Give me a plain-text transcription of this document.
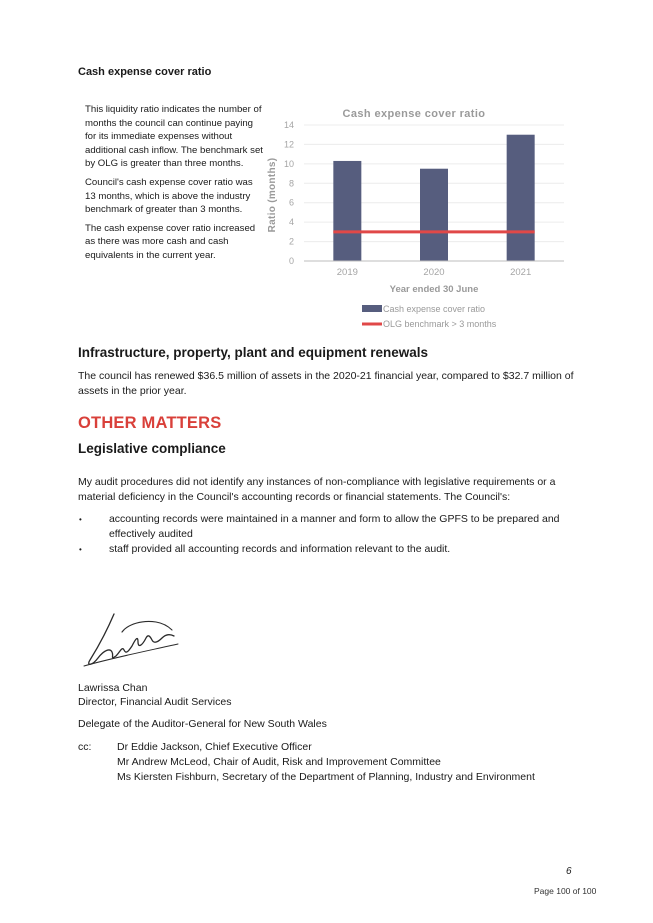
Cash expense cover ratio

This liquidity ratio indicates the number of months the council can continue paying for its immediate expenses without additional cash inflow. The benchmark set by OLG is greater than three months.

Council's cash expense cover ratio was 13 months, which is above the industry benchmark of greater than 3 months.

The cash expense cover ratio increased as there was more cash and cash equivalents in the current year.

Cash expense cover ratio
Ratio (months)
0
2
4
6
8
10
12
14
2019	2020	2021
Year ended 30 June
Cash expense cover ratio
OLG benchmark > 3 months
Infrastructure, property, plant and equipment renewals
The council has renewed $36.5 million of assets in the 2020-21 financial year, compared to $32.7 million of assets in the prior year.
OTHER MATTERS
Legislative compliance
My audit procedures did not identify any instances of non-compliance with legislative requirements or a material deficiency in the Council's accounting records or financial statements. The Council's:
•	accounting records were maintained in a manner and form to allow the GPFS to be prepared and effectively audited
•	staff provided all accounting records and information relevant to the audit.
Lawrissa Chan
Director, Financial Audit Services
Delegate of the Auditor-General for New South Wales
cc: Dr Eddie Jackson, Chief Executive Officer
Mr Andrew McLeod, Chair of Audit, Risk and Improvement Committee
Ms Kiersten Fishburn, Secretary of the Department of Planning, Industry and Environment
6
Page 100 of 100
